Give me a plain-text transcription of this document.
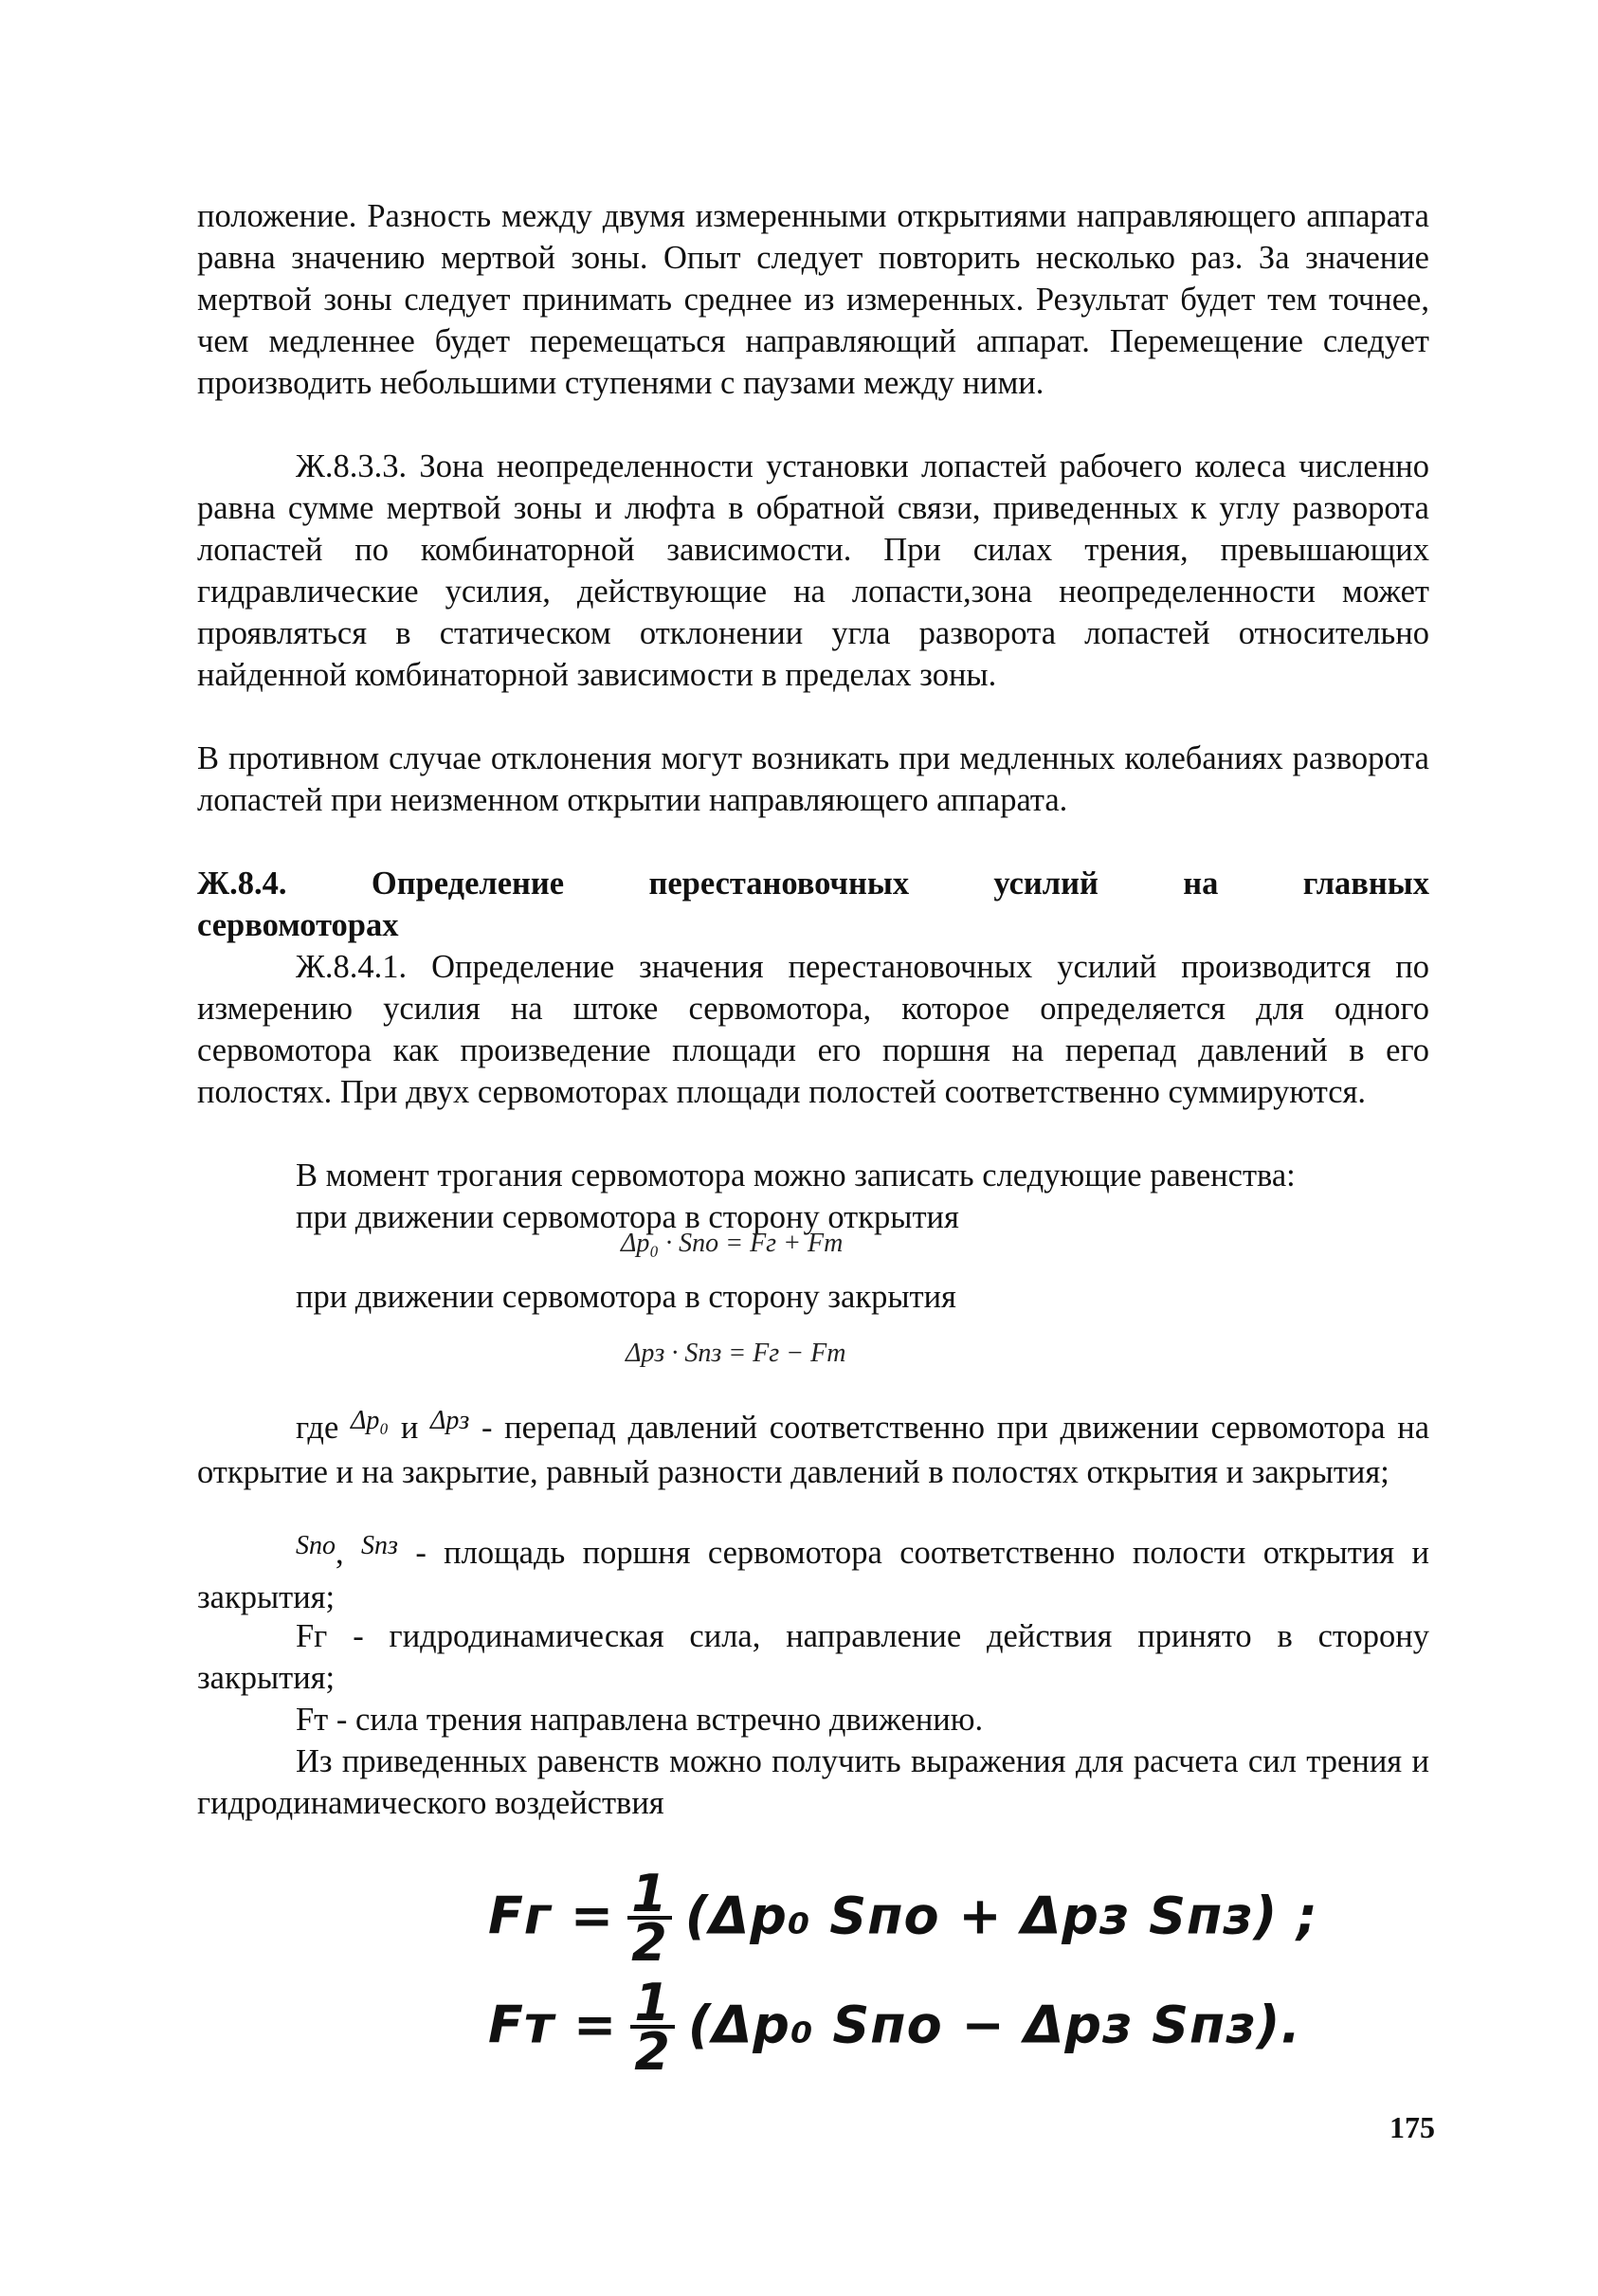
положение. Разность между двумя измеренными открытиями направляющего аппарата равна значению мертвой зоны. Опыт следует повторить несколько раз. За значение мертвой зоны следует принимать среднее из измеренных. Результат будет тем точнее, чем медленнее будет перемещаться направляющий аппарат. Перемещение следует производить небольшими ступенями с паузами между ними.

Ж.8.3.3. Зона неопределенности установки лопастей рабочего колеса численно равна сумме мертвой зоны и люфта в обратной связи, приведенных к углу разворота лопастей по комбинаторной зависимости. При силах трения, превышающих гидравлические усилия, действующие на лопасти,зона неопределенности может проявляться в статическом отклонении угла разворота лопастей относительно найденной комбинаторной зависимости в пределах зоны.

В противном случае отклонения могут возникать при медленных колебаниях разворота лопастей при неизменном открытии направляющего аппарата.

Ж.8.4. Определение перестановочных усилий на главных

сервомоторах

Ж.8.4.1. Определение значения перестановочных усилий производится по измерению усилия на штоке сервомотора, которое определяется для одного сервомотора как произведение площади его поршня на перепад давлений в его полостях. При двух сервомоторах площади полостей соответственно суммируются.

В момент трогания сервомотора можно записать следующие равенства:

при движении сервомотора в сторону открытия

Δp₀ · Sпо = Fг + Fт

при движении сервомотора в сторону закрытия

Δpз · Sпз = Fг − Fт

где $^{\Delta p_0}$ и $^{\Delta pз}$ - перепад давлений соответственно при движении сервомотора на открытие и на закрытие, равный разности давлений в полостях открытия и закрытия;

$^{Sпо}$, $^{Sпз}$ - площадь поршня сервомотора соответственно полости открытия и закрытия;

Fг - гидродинамическая сила, направление действия принято в сторону закрытия;

Fт - сила трения направлена встречно движению.

Из приведенных равенств можно получить выражения для расчета сил трения и гидродинамического воздействия

Fг = $\frac{1}{2} (\Delta p_0$ Sпо + Δpз Sпз) ;
Fт = $\frac{1}{2} (\Delta p_0$ Sпо − Δpз Sпз).
175
